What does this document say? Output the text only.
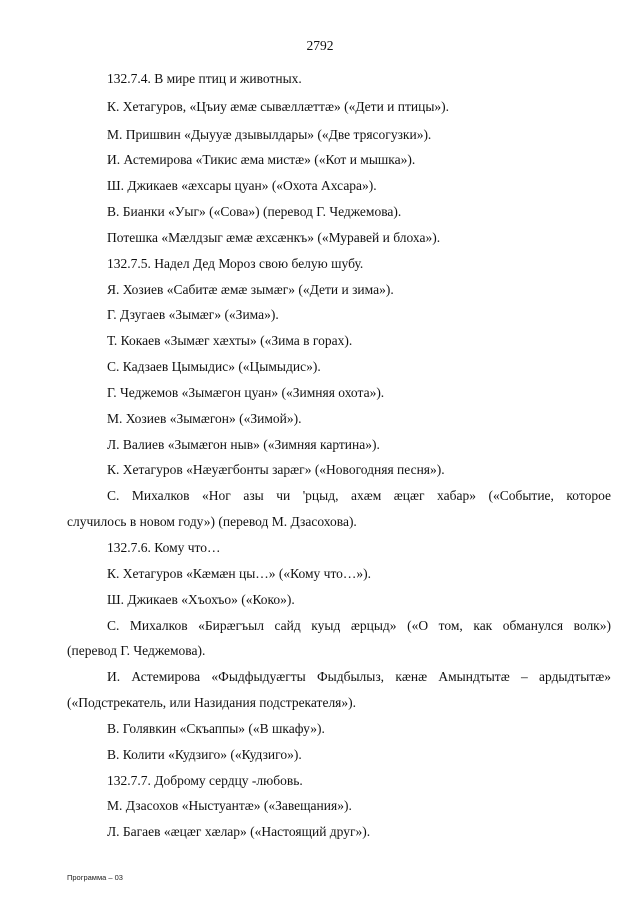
2792
132.7.4. В мире птиц и животных.
К. Хетагуров, «Цъиу æмæ сывæллæттæ» («Дети и птицы»).
М. Пришвин «Дыууæ дзывылдары» («Две трясогузки»).
И. Астемирова «Тикис æма мистæ» («Кот и мышка»).
Ш. Джикаев «æхсары цуан» («Охота Ахсара»).
В. Бианки «Уыг» («Сова») (перевод Г. Чеджемова).
Потешка «Мæлдзыг æмæ æхсæнкъ» («Муравей и блоха»).
132.7.5. Надел Дед Мороз свою белую шубу.
Я. Хозиев «Сабитæ æмæ зымæг» («Дети и зима»).
Г. Дзугаев «Зымæг» («Зима»).
Т. Кокаев «Зымæг хæхты» («Зима в горах).
С. Кадзаев Цымыдис» («Цымыдис»).
Г. Чеджемов «Зымæгон цуан» («Зимняя охота»).
М. Хозиев «Зымæгон» («Зимой»).
Л. Валиев «Зымæгон ныв» («Зимняя картина»).
К. Хетагуров «Нæуæгбонты зарæг» («Новогодняя песня»).
С. Михалков «Ног азы чи 'рцыд, ахæм æцæг хабар» («Событие, которое
случилось в новом году») (перевод М. Дзасохова).
132.7.6. Кому что…
К. Хетагуров «Кæмæн цы…» («Кому что…»).
Ш. Джикаев «Хъохъо» («Коко»).
С. Михалков «Бирæгъыл сайд куыд æрцыд» («О том, как обманулся волк»)
(перевод Г. Чеджемова).
И. Астемирова «Фыдфыдуæгты Фыдбылыз, кæнæ Амындтытæ – ардыдтытæ»
(«Подстрекатель, или Назидания подстрекателя»).
В. Голявкин «Скъаппы» («В шкафу»).
В. Колити «Кудзиго» («Кудзиго»).
132.7.7. Доброму сердцу -любовь.
М. Дзасохов «Ныстуантæ» («Завещания»).
Л. Багаев «æцæг хæлар» («Настоящий друг»).
Программа – 03
